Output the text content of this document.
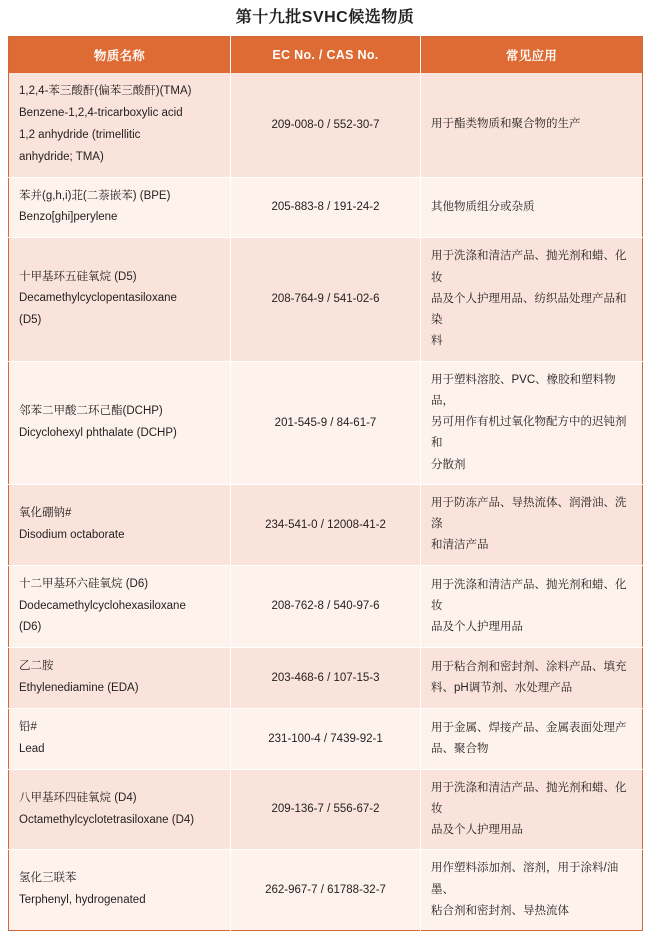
第十九批SVHC候选物质
物质名称	EC No. / CAS No.	常见应用

1,2,4-苯三酸酐(偏苯三酸酐)(TMA)
Benzene-1,2,4-tricarboxylic acid
1,2 anhydride (trimellitic
anhydride; TMA)	209-008-0 / 552-30-7	用于酯类物质和聚合物的生产

苯并(g,h,i)苝(二萘嵌苯) (BPE)
Benzo[ghi]perylene	205-883-8 / 191-24-2	其他物质组分或杂质

十甲基环五硅氧烷 (D5)
Decamethylcyclopentasiloxane
(D5)	208-764-9 / 541-02-6	用于洗涤和清洁产品、抛光剂和蜡、化妆
品及个人护理用品、纺织品处理产品和染
料

邻苯二甲酸二环己酯(DCHP)
Dicyclohexyl phthalate (DCHP)	201-545-9 / 84-61-7	用于塑料溶胶、PVC、橡胶和塑料物品，
另可用作有机过氧化物配方中的迟钝剂和
分散剂

氧化硼钠#
Disodium octaborate	234-541-0 / 12008-41-2	用于防冻产品、导热流体、润滑油、洗涤
和清洁产品

十二甲基环六硅氧烷 (D6)
Dodecamethylcyclohexasiloxane
(D6)	208-762-8 / 540-97-6	用于洗涤和清洁产品、抛光剂和蜡、化妆
品及个人护理用品

乙二胺
Ethylenediamine (EDA)	203-468-6 / 107-15-3	用于粘合剂和密封剂、涂料产品、填充
料、pH调节剂、水处理产品

铅#
Lead	231-100-4 / 7439-92-1	用于金属、焊接产品、金属表面处理产
品、聚合物

八甲基环四硅氧烷 (D4)
Octamethylcyclotetrasiloxane (D4)	209-136-7 / 556-67-2	用于洗涤和清洁产品、抛光剂和蜡、化妆
品及个人护理用品

氢化三联苯
Terphenyl, hydrogenated	262-967-7 / 61788-32-7	用作塑料添加剂、溶剂，用于涂料/油墨、
粘合剂和密封剂、导热流体
